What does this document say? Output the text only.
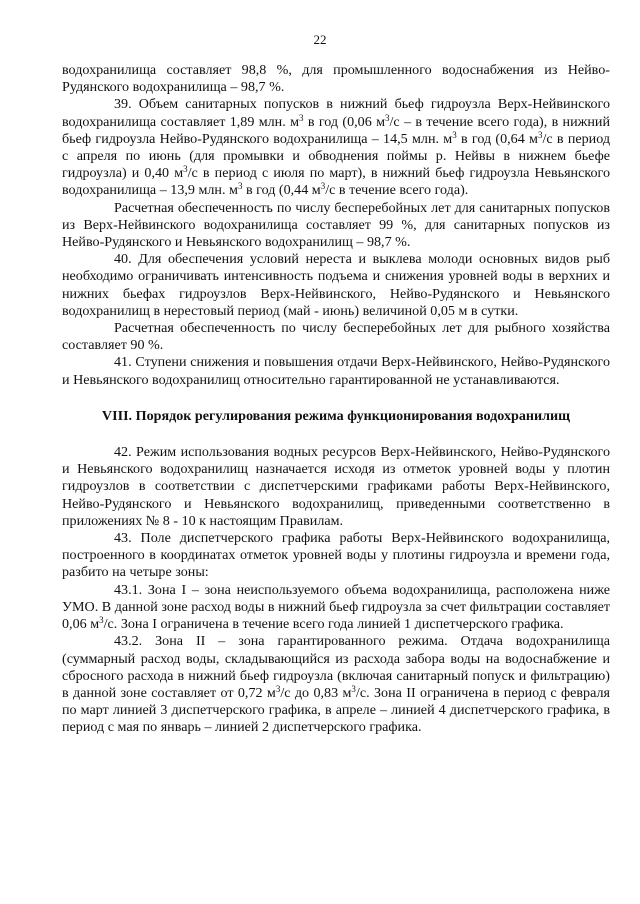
22

водохранилища составляет 98,8 %, для промышленного водоснабжения из Нейво-Рудянского водохранилища – 98,7 %.

39. Объем санитарных попусков в нижний бьеф гидроузла Верх-Нейвинского водохранилища составляет 1,89 млн. $м^3$ в год (0,06 $м^3/с$ – в течение всего года), в нижний бьеф гидроузла Нейво-Рудянского водохранилища – 14,5 млн. $м^3$ в год (0,64 $м^3/с$ в период с апреля по июнь (для промывки и обводнения поймы р. Нейвы в нижнем бьефе гидроузла) и 0,40 $м^3/с$ в период с июля по март), в нижний бьеф гидроузла Невьянского водохранилища – 13,9 млн. $м^3$ в год (0,44 $м^3/с$ в течение всего года).

Расчетная обеспеченность по числу бесперебойных лет для санитарных попусков из Верх-Нейвинского водохранилища составляет 99 %, для санитарных попусков из Нейво-Рудянского и Невьянского водохранилищ – 98,7 %.

40. Для обеспечения условий нереста и выклева молоди основных видов рыб необходимо ограничивать интенсивность подъема и снижения уровней воды в верхних и нижних бьефах гидроузлов Верх-Нейвинского, Нейво-Рудянского и Невьянского водохранилищ в нерестовый период (май - июнь) величиной 0,05 м в сутки.

Расчетная обеспеченность по числу бесперебойных лет для рыбного хозяйства составляет 90 %.

41. Ступени снижения и повышения отдачи Верх-Нейвинского, Нейво-Рудянского и Невьянского водохранилищ относительно гарантированной не устанавливаются.

VIII. Порядок регулирования режима функционирования водохранилищ

42. Режим использования водных ресурсов Верх-Нейвинского, Нейво-Рудянского и Невьянского водохранилищ назначается исходя из отметок уровней воды у плотин гидроузлов в соответствии с диспетчерскими графиками работы Верх-Нейвинского, Нейво-Рудянского и Невьянского водохранилищ, приведенными соответственно в приложениях № 8 - 10 к настоящим Правилам.

43. Поле диспетчерского графика работы Верх-Нейвинского водохранилища, построенного в координатах отметок уровней воды у плотины гидроузла и времени года, разбито на четыре зоны:

43.1. Зона I – зона неиспользуемого объема водохранилища, расположена ниже УМО. В данной зоне расход воды в нижний бьеф гидроузла за счет фильтрации составляет 0,06 $м^3/с$. Зона I ограничена в течение всего года линией 1 диспетчерского графика.

43.2. Зона II – зона гарантированного режима. Отдача водохранилища (суммарный расход воды, складывающийся из расхода забора воды на водоснабжение и сбросного расхода в нижний бьеф гидроузла (включая санитарный попуск и фильтрацию) в данной зоне составляет от 0,72 $м^3/с$ до 0,83 $м^3/с$. Зона II ограничена в период с февраля по март линией 3 диспетчерского графика, в апреле – линией 4 диспетчерского графика, в период с мая по январь – линией 2 диспетчерского графика.
